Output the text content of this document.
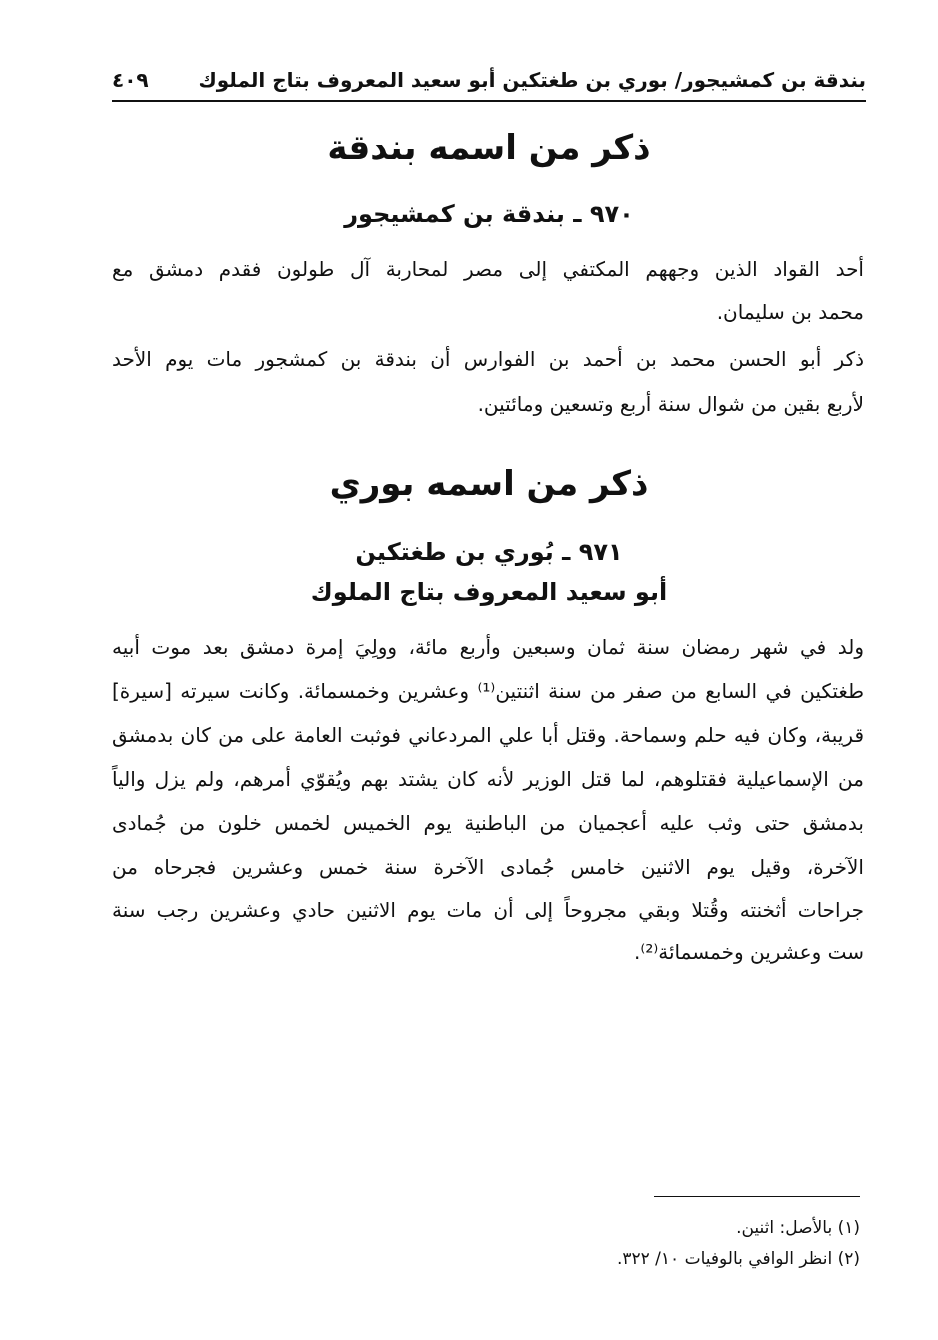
بندقة بن كمشيجور/ بوري بن طغتكين أبو سعيد المعروف بتاج الملوك
٤٠٩
ذكر من اسمه بندقة
٩٧٠ ـ بندقة بن كمشيجور
أحد القواد الذين وجههم المكتفي إلى مصر لمحاربة آل طولون فقدم دمشق مع
محمد بن سليمان.
ذكر أبو الحسن محمد بن أحمد بن الفوارس أن بندقة بن كمشجور مات يوم الأحد
لأربع بقين من شوال سنة أربع وتسعين ومائتين.
ذكر من اسمه بوري
٩٧١ ـ بُوري بن طغتكين
أبو سعيد المعروف بتاج الملوك
ولد في شهر رمضان سنة ثمان وسبعين وأربع مائة، وولِيَ إمرة دمشق بعد موت أبيه
طغتكين في السابع من صفر من سنة اثنتين⁽¹⁾ وعشرين وخمسمائة. وكانت سيرته [سيرة]
قريبة، وكان فيه حلم وسماحة. وقتل أبا علي المردعاني فوثبت العامة على من كان بدمشق
من الإسماعيلية فقتلوهم، لما قتل الوزير لأنه كان يشتد بهم ويُقوّي أمرهم، ولم يزل والياً
بدمشق حتى وثب عليه أعجميان من الباطنية يوم الخميس لخمس خلون من جُمادى
الآخرة، وقيل يوم الاثنين خامس جُمادى الآخرة سنة خمس وعشرين فجرحاه من
جراحات أثخنته وقُتلا وبقي مجروحاً إلى أن مات يوم الاثنين حادي وعشرين رجب سنة
ست وعشرين وخمسمائة⁽²⁾.
(١) بالأصل: اثنين.
(٢) انظر الوافي بالوفيات ١٠/ ٣٢٢.
